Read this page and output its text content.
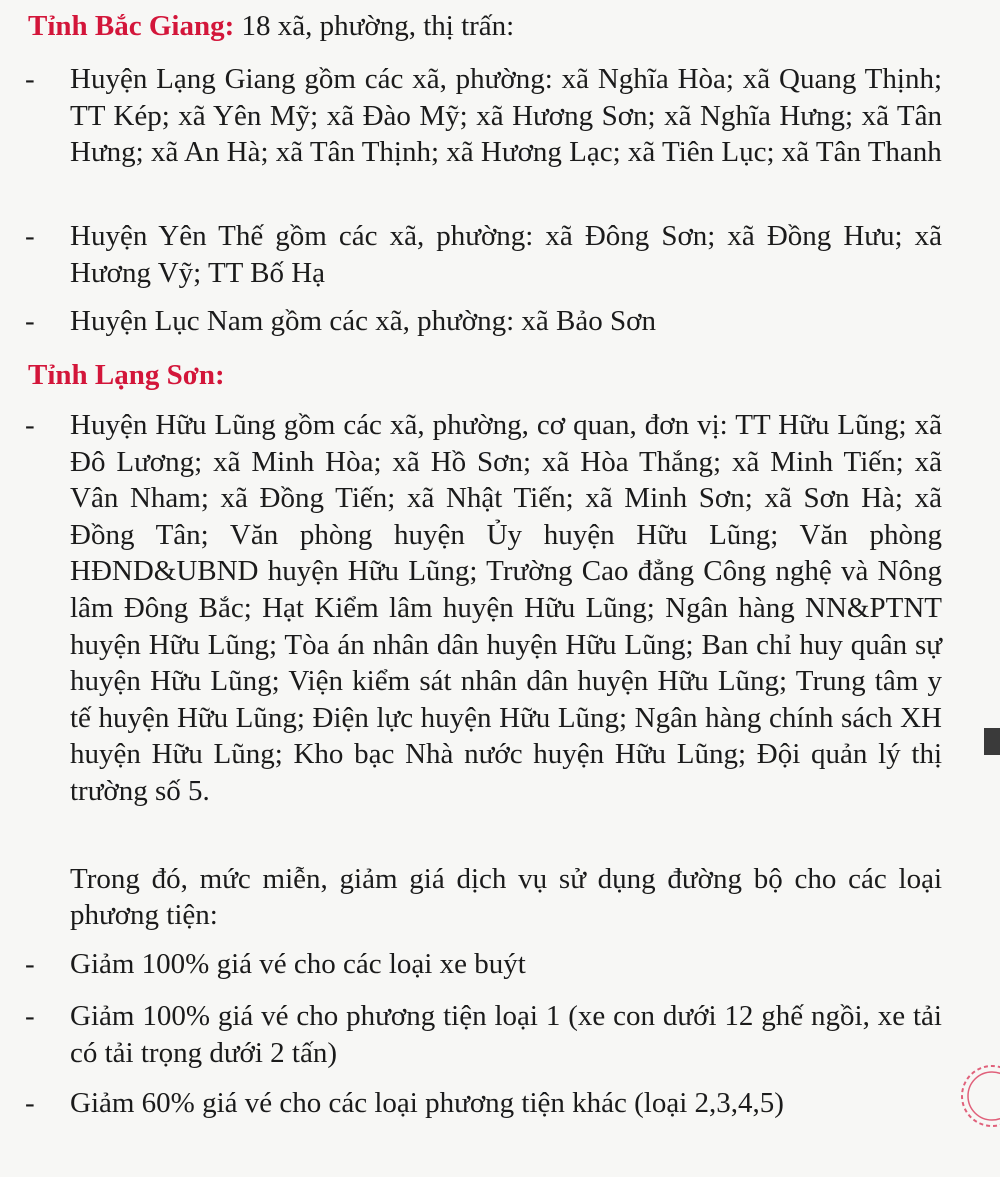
Tỉnh Bắc Giang: 18 xã, phường, thị trấn:
- Huyện Lạng Giang gồm các xã, phường: xã Nghĩa Hòa; xã Quang Thịnh; TT Kép; xã Yên Mỹ; xã Đào Mỹ; xã Hương Sơn; xã Nghĩa Hưng; xã Tân Hưng; xã An Hà; xã Tân Thịnh; xã Hương Lạc; xã Tiên Lục; xã Tân Thanh
- Huyện Yên Thế gồm các xã, phường: xã Đông Sơn; xã Đồng Hưu; xã Hương Vỹ; TT Bố Hạ
- Huyện Lục Nam gồm các xã, phường: xã Bảo Sơn
Tỉnh Lạng Sơn:
- Huyện Hữu Lũng gồm các xã, phường, cơ quan, đơn vị: TT Hữu Lũng; xã Đô Lương; xã Minh Hòa; xã Hồ Sơn; xã Hòa Thắng; xã Minh Tiến; xã Vân Nham; xã Đồng Tiến; xã Nhật Tiến; xã Minh Sơn; xã Sơn Hà; xã Đồng Tân; Văn phòng huyện Ủy huyện Hữu Lũng; Văn phòng HĐND&UBND huyện Hữu Lũng; Trường Cao đẳng Công nghệ và Nông lâm Đông Bắc; Hạt Kiểm lâm huyện Hữu Lũng; Ngân hàng NN&PTNT huyện Hữu Lũng; Tòa án nhân dân huyện Hữu Lũng; Ban chỉ huy quân sự huyện Hữu Lũng; Viện kiểm sát nhân dân huyện Hữu Lũng; Trung tâm y tế huyện Hữu Lũng; Điện lực huyện Hữu Lũng; Ngân hàng chính sách XH huyện Hữu Lũng; Kho bạc Nhà nước huyện Hữu Lũng; Đội quản lý thị trường số 5.
Trong đó, mức miễn, giảm giá dịch vụ sử dụng đường bộ cho các loại phương tiện:
- Giảm 100% giá vé cho các loại xe buýt
- Giảm 100% giá vé cho phương tiện loại 1 (xe con dưới 12 ghế ngồi, xe tải có tải trọng dưới 2 tấn)
- Giảm 60% giá vé cho các loại phương tiện khác (loại 2,3,4,5)
